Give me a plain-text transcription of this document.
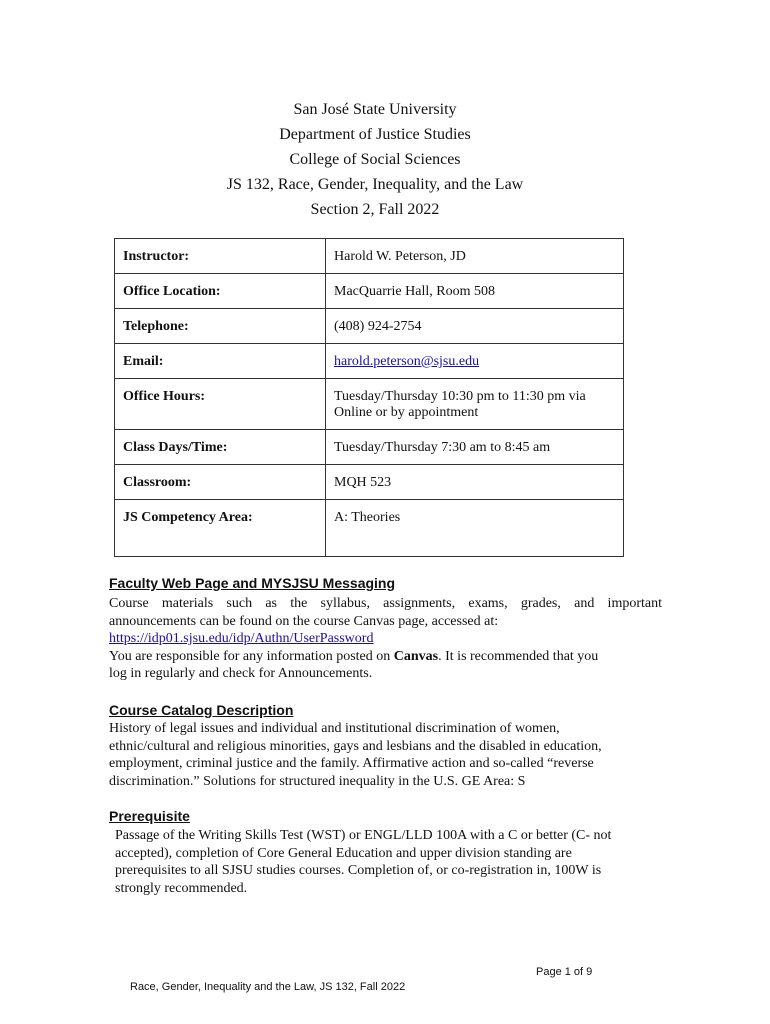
San José State University
Department of Justice Studies
College of Social Sciences
JS 132, Race, Gender, Inequality, and the Law
Section 2, Fall 2022
Instructor:	Harold W. Peterson, JD
Office Location:	MacQuarrie Hall, Room 508
Telephone:	(408) 924-2754
Email:	harold.peterson@sjsu.edu
Office Hours:	Tuesday/Thursday 10:30 pm to 11:30 pm via
Online or by appointment

Class Days/Time:	Tuesday/Thursday 7:30 am to 8:45 am
Classroom:	MQH 523
JS Competency Area:	A: Theories
Faculty Web Page and MYSJSU Messaging
Course materials such as the syllabus, assignments, exams, grades, and important
announcements can be found on the course Canvas page, accessed at:
https://idp01.sjsu.edu/idp/Authn/UserPassword
You are responsible for any information posted on Canvas. It is recommended that you
log in regularly and check for Announcements.
Course Catalog Description
History of legal issues and individual and institutional discrimination of women,
ethnic/cultural and religious minorities, gays and lesbians and the disabled in education,
employment, criminal justice and the family. Affirmative action and so-called “reverse
discrimination.” Solutions for structured inequality in the U.S. GE Area: S
Prerequisite
Passage of the Writing Skills Test (WST) or ENGL/LLD 100A with a C or better (C- not
accepted), completion of Core General Education and upper division standing are
prerequisites to all SJSU studies courses. Completion of, or co-registration in, 100W is
strongly recommended.
Page 1 of 9
Race, Gender, Inequality and the Law, JS 132, Fall 2022
